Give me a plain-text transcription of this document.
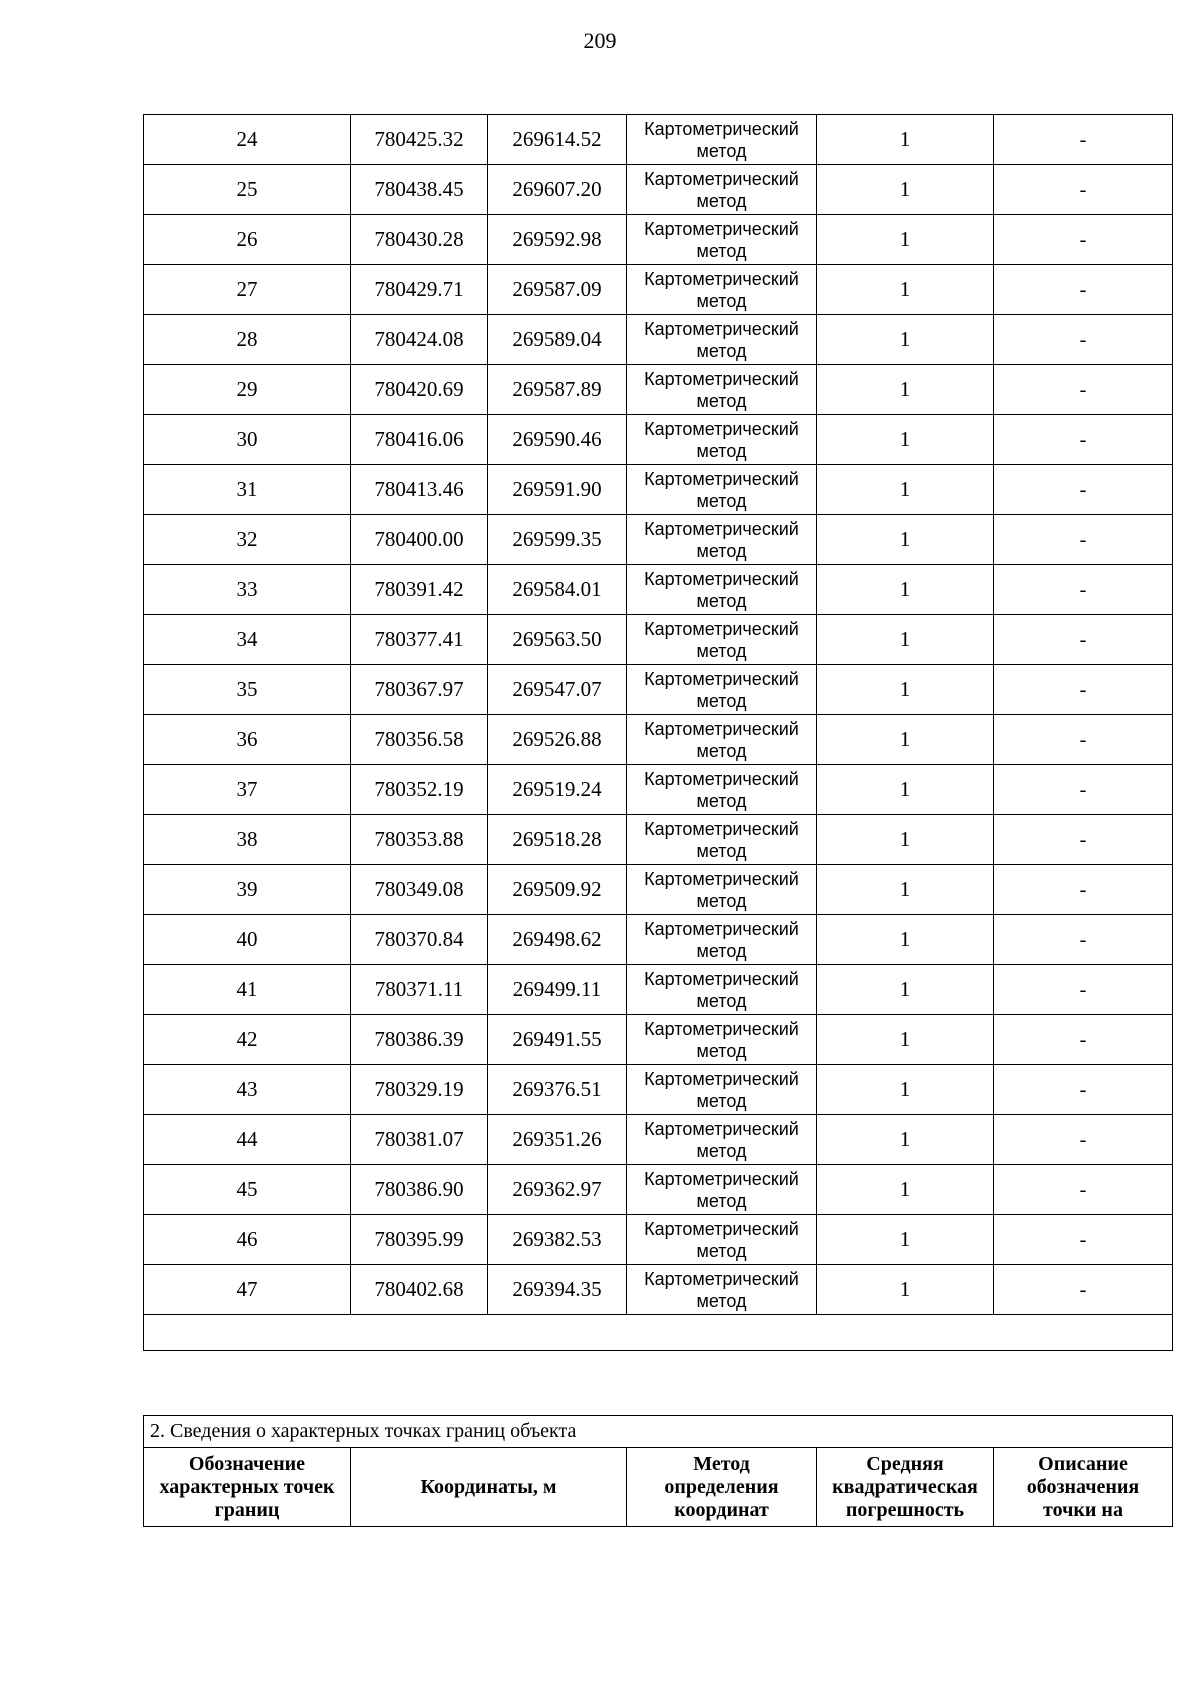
209
24	780425.32	269614.52	Картометрический
метод	1	-
25	780438.45	269607.20	Картометрический
метод	1	-
26	780430.28	269592.98	Картометрический
метод	1	-
27	780429.71	269587.09	Картометрический
метод	1	-
28	780424.08	269589.04	Картометрический
метод	1	-
29	780420.69	269587.89	Картометрический
метод	1	-
30	780416.06	269590.46	Картометрический
метод	1	-
31	780413.46	269591.90	Картометрический
метод	1	-
32	780400.00	269599.35	Картометрический
метод	1	-
33	780391.42	269584.01	Картометрический
метод	1	-
34	780377.41	269563.50	Картометрический
метод	1	-
35	780367.97	269547.07	Картометрический
метод	1	-
36	780356.58	269526.88	Картометрический
метод	1	-
37	780352.19	269519.24	Картометрический
метод	1	-
38	780353.88	269518.28	Картометрический
метод	1	-
39	780349.08	269509.92	Картометрический
метод	1	-
40	780370.84	269498.62	Картометрический
метод	1	-
41	780371.11	269499.11	Картометрический
метод	1	-
42	780386.39	269491.55	Картометрический
метод	1	-
43	780329.19	269376.51	Картометрический
метод	1	-
44	780381.07	269351.26	Картометрический
метод	1	-
45	780386.90	269362.97	Картометрический
метод	1	-
46	780395.99	269382.53	Картометрический
метод	1	-
47	780402.68	269394.35	Картометрический
метод	1	-

2. Сведения о характерных точках границ объекта

Обозначение
характерных точек
границ

Координаты, м

Метод
определения
координат

Средняя
квадратическая
погрешность

Описание
обозначения
точки на
